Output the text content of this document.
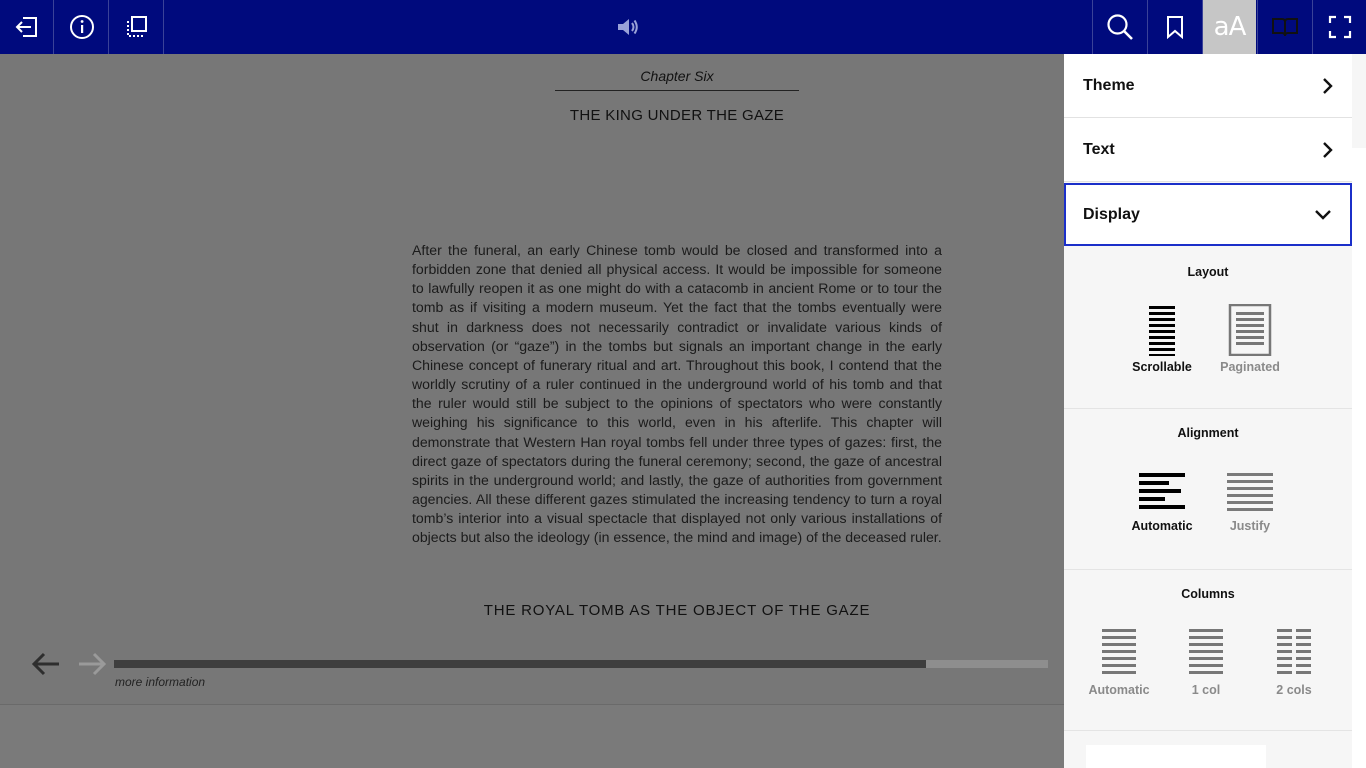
aA
Chapter Six
THE KING UNDER THE GAZE
After the funeral, an early Chinese tomb would be closed and transformed into a forbidden zone that denied all physical access. It would be impossible for someone to lawfully reopen it as one might do with a catacomb in ancient Rome or to tour the tomb as if visiting a modern museum. Yet the fact that the tombs eventually were shut in darkness does not necessarily contradict or invalidate various kinds of observation (or “gaze”) in the tombs but signals an important change in the early Chinese concept of funerary ritual and art. Throughout this book, I contend that the worldly scrutiny of a ruler continued in the underground world of his tomb and that the ruler would still be subject to the opinions of spectators who were constantly weighing his significance to this world, even in his afterlife. This chapter will demonstrate that Western Han royal tombs fell under three types of gazes: first, the direct gaze of spectators during the funeral ceremony; second, the gaze of ancestral spirits in the underground world; and lastly, the gaze of authorities from government agencies. All these different gazes stimulated the increasing tendency to turn a royal tomb’s interior into a visual spectacle that displayed not only various installations of objects but also the ideology (in essence, the mind and image) of the deceased ruler.
THE ROYAL TOMB AS THE OBJECT OF THE GAZE
more information
Theme
Text
Display
Layout
Scrollable	Paginated
Alignment
Automatic	Justify
Columns
Automatic	1 col	2 cols
